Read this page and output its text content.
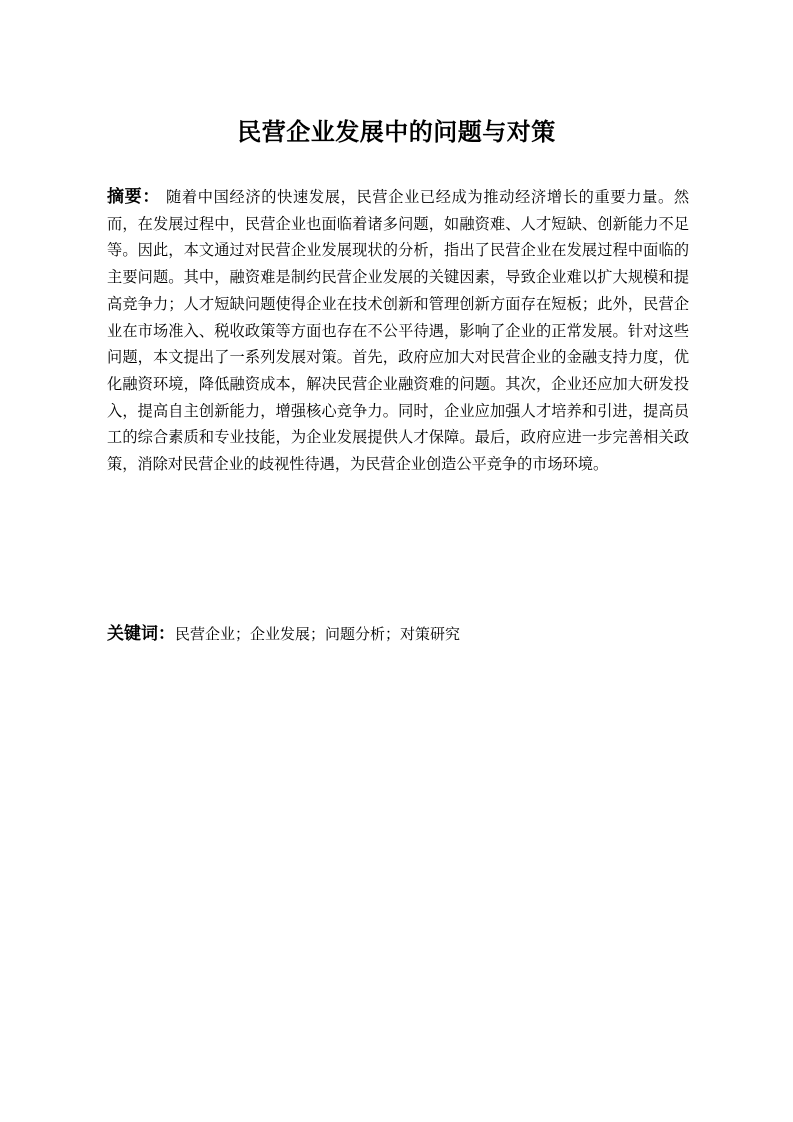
民营企业发展中的问题与对策

摘要： 随着中国经济的快速发展，民营企业已经成为推动经济增长的重要力量。然而，在发展过程中，民营企业也面临着诸多问题，如融资难、人才短缺、创新能力不足等。因此，本文通过对民营企业发展现状的分析，指出了民营企业在发展过程中面临的主要问题。其中，融资难是制约民营企业发展的关键因素，导致企业难以扩大规模和提高竞争力；人才短缺问题使得企业在技术创新和管理创新方面存在短板；此外，民营企业在市场准入、税收政策等方面也存在不公平待遇，影响了企业的正常发展。针对这些问题，本文提出了一系列发展对策。首先，政府应加大对民营企业的金融支持力度，优化融资环境，降低融资成本，解决民营企业融资难的问题。其次，企业还应加大研发投入，提高自主创新能力，增强核心竞争力。同时，企业应加强人才培养和引进，提高员工的综合素质和专业技能，为企业发展提供人才保障。最后，政府应进一步完善相关政策，消除对民营企业的歧视性待遇，为民营企业创造公平竞争的市场环境。

关键词：民营企业；企业发展；问题分析；对策研究
